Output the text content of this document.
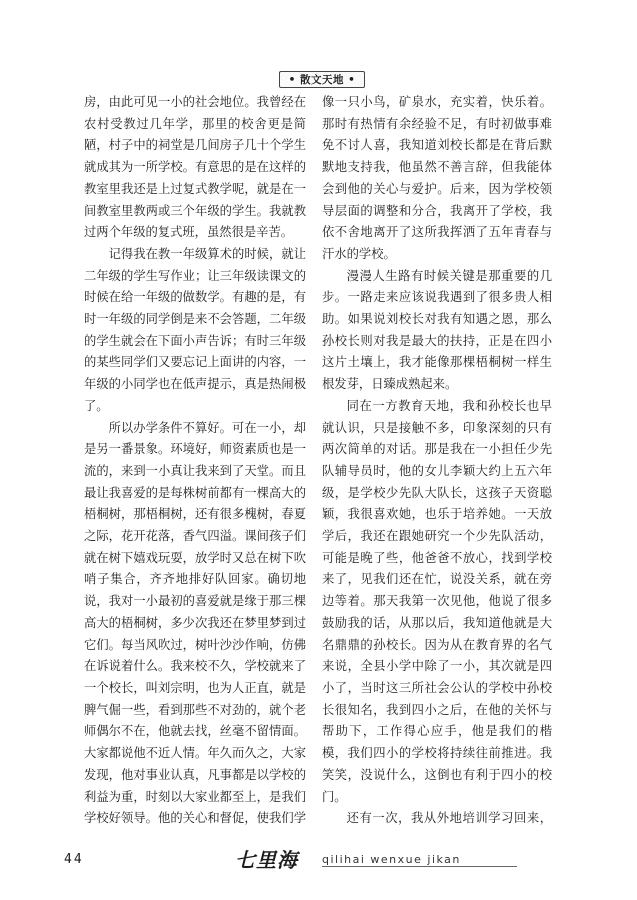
• 散文天地 •

房，由此可见一小的社会地位。我曾经在农村受教过几年学，那里的校舍更是简陋，村子中的祠堂是几间房子几十个学生就成其为一所学校。有意思的是在这样的教室里我还是上过复式教学呢，就是在一间教室里教两或三个年级的学生。我就教过两个年级的复式班，虽然很是辛苦。

记得我在教一年级算术的时候，就让二年级的学生写作业；让三年级读课文的时候在给一年级的做数学。有趣的是，有时一年级的同学倒是来不会答题，二年级的学生就会在下面小声告诉；有时三年级的某些同学们又要忘记上面讲的内容，一年级的小同学也在低声提示，真是热闹极了。

所以办学条件不算好。可在一小，却是另一番景象。环境好，师资素质也是一流的，来到一小真让我来到了天堂。而且最让我喜爱的是每株树前都有一棵高大的梧桐树，那梧桐树，还有很多槐树，春夏之际，花开花落，香气四溢。课间孩子们就在树下嬉戏玩耍，放学时又总在树下吹哨子集合，齐齐地排好队回家。确切地说，我对一小最初的喜爱就是缘于那三棵高大的梧桐树，多少次我还在梦里梦到过它们。每当风吹过，树叶沙沙作响，仿佛在诉说着什么。我来校不久，学校就来了一个校长，叫刘宗明，也为人正直，就是脾气倔一些，看到那些不对劲的，就个老师偶尔不在，他就去找，丝毫不留情面。大家都说他不近人情。年久而久之，大家发现，他对事业认真，凡事都是以学校的利益为重，时刻以大家业都至上，是我们学校好领导。他的关心和督促，使我们学

像一只小鸟，矿泉水，充实着，快乐着。那时有热情有余经验不足，有时初做事难免不讨人喜，我知道刘校长都是在背后默默地支持我，他虽然不善言辞，但我能体会到他的关心与爱护。后来，因为学校领导层面的调整和分合，我离开了学校，我依不舍地离开了这所我挥洒了五年青春与汗水的学校。

漫漫人生路有时候关键是那重要的几步。一路走来应该说我遇到了很多贵人相助。如果说刘校长对我有知遇之恩，那么孙校长则对我是最大的扶持，正是在四小这片土壤上，我才能像那棵梧桐树一样生根发芽，日臻成熟起来。

同在一方教育天地，我和孙校长也早就认识，只是接触不多，印象深刻的只有两次简单的对话。那是我在一小担任少先队辅导员时，他的女儿李颖大约上五六年级，是学校少先队大队长，这孩子天资聪颖，我很喜欢她，也乐于培养她。一天放学后，我还在跟她研究一个少先队活动，可能是晚了些，他爸爸不放心，找到学校来了，见我们还在忙，说没关系，就在旁边等着。那天我第一次见他，他说了很多鼓励我的话，从那以后，我知道他就是大名鼎鼎的孙校长。因为从在教育界的名气来说，全县小学中除了一小，其次就是四小了，当时这三所社会公认的学校中孙校长很知名，我到四小之后，在他的关怀与帮助下，工作得心应手，他是我们的楷模，我们四小的学校将持续往前推进。我笑笑，没说什么，这倒也有利于四小的校门。

还有一次，我从外地培训学习回来，

44	七里海 qilihai wenxue jikan
